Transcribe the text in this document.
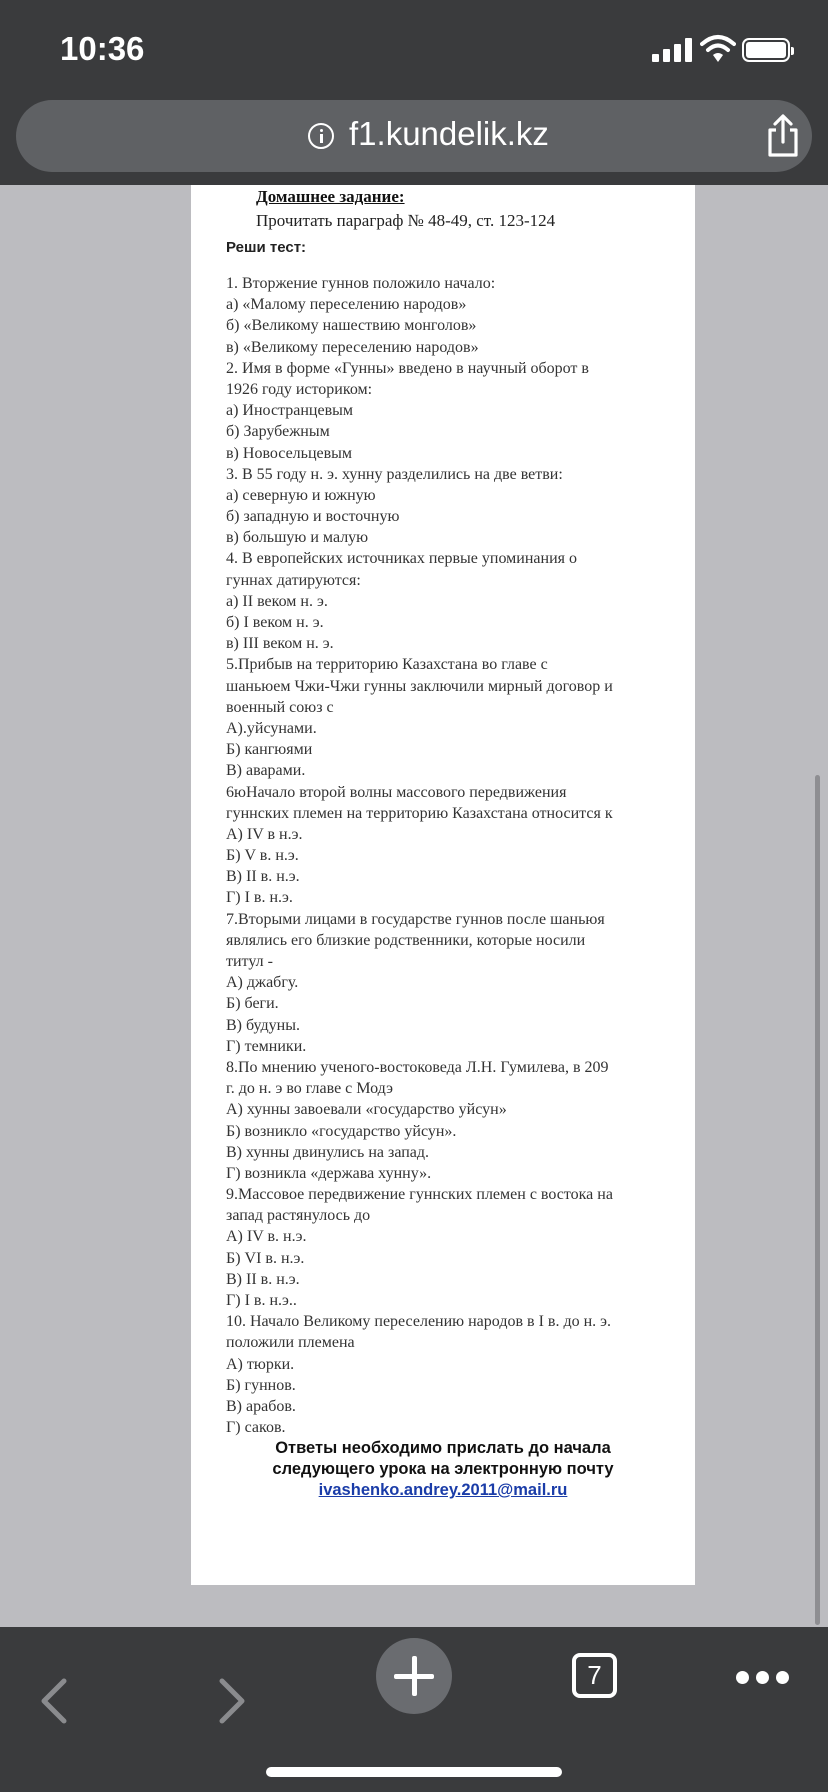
10:36
f1.kundelik.kz
Домашнее задание:
Прочитать параграф № 48-49, ст. 123-124
Реши тест:
1. Вторжение гуннов положило начало:
а) «Малому переселению народов»
б) «Великому нашествию монголов»
в) «Великому переселению народов»
2. Имя в форме «Гунны» введено в научный оборот в
1926 году историком:
а) Иностранцевым
б) Зарубежным
в) Новосельцевым
3. В 55 году н. э. хунну разделились на две ветви:
а) северную и южную
б) западную и восточную
в) большую и малую
4. В европейских источниках первые упоминания о
гуннах датируются:
а) II веком н. э.
б) I веком н. э.
в) III веком н. э.
5.Прибыв на территорию Казахстана во главе с
шаньюем Чжи-Чжи гунны заключили мирный договор и
военный союз с
А).уйсунами.
Б) кангюями
В) аварами.
6юНачало второй волны массового передвижения
гуннских племен на территорию Казахстана относится к
А) IV в н.э.
Б) V в. н.э.
В) II в. н.э.
Г) I в. н.э.
7.Вторыми лицами в государстве гуннов после шаньюя
являлись его близкие родственники, которые носили
титул -
А) джабгу.
Б) беги.
В) будуны.
Г) темники.
8.По мнению ученого-востоковеда Л.Н. Гумилева, в 209
г. до н. э во главе с Модэ
А) хунны завоевали «государство уйсун»
Б) возникло «государство уйсун».
В) хунны двинулись на запад.
Г) возникла «держава хунну».
9.Массовое передвижение гуннских племен с востока на
запад растянулось до
А) IV в. н.э.
Б) VI в. н.э.
В) II в. н.э.
Г) I в. н.э..
10. Начало Великому переселению народов в I в. до н. э.
положили племена
А) тюрки.
Б) гуннов.
В) арабов.
Г) саков.
Ответы необходимо прислать до начала
следующего урока на электронную почту
ivashenko.andrey.2011@mail.ru
7
